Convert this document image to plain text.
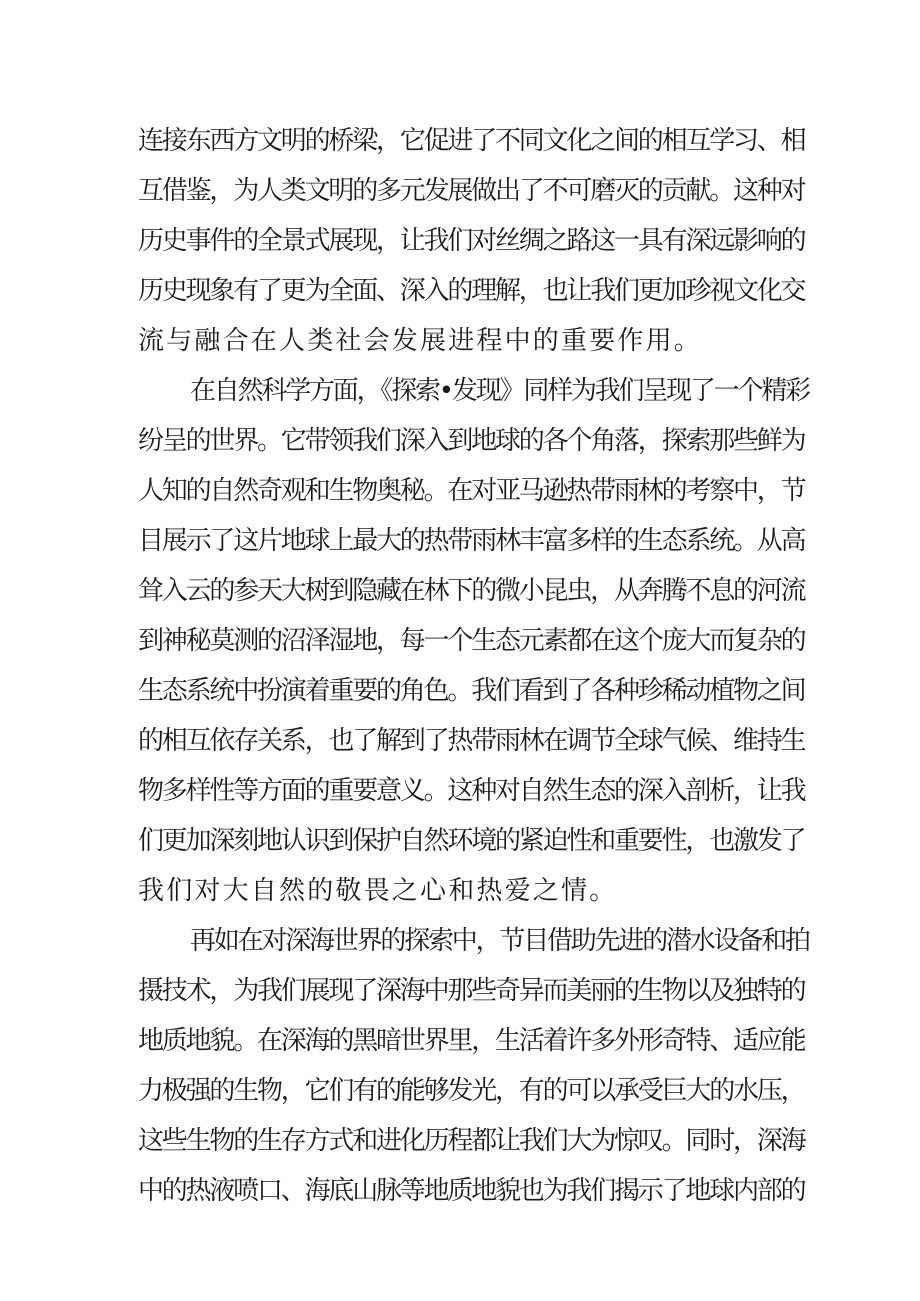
连接东西方文明的桥梁，它促进了不同文化之间的相互学习、相
互借鉴，为人类文明的多元发展做出了不可磨灭的贡献。这种对
历史事件的全景式展现，让我们对丝绸之路这一具有深远影响的
历史现象有了更为全面、深入的理解，也让我们更加珍视文化交
流与融合在人类社会发展进程中的重要作用。
在自然科学方面，《探索•发现》同样为我们呈现了一个精彩
纷呈的世界。它带领我们深入到地球的各个角落，探索那些鲜为
人知的自然奇观和生物奥秘。在对亚马逊热带雨林的考察中，节
目展示了这片地球上最大的热带雨林丰富多样的生态系统。从高
耸入云的参天大树到隐藏在林下的微小昆虫，从奔腾不息的河流
到神秘莫测的沼泽湿地，每一个生态元素都在这个庞大而复杂的
生态系统中扮演着重要的角色。我们看到了各种珍稀动植物之间
的相互依存关系，也了解到了热带雨林在调节全球气候、维持生
物多样性等方面的重要意义。这种对自然生态的深入剖析，让我
们更加深刻地认识到保护自然环境的紧迫性和重要性，也激发了
我们对大自然的敬畏之心和热爱之情。
再如在对深海世界的探索中，节目借助先进的潜水设备和拍
摄技术，为我们展现了深海中那些奇异而美丽的生物以及独特的
地质地貌。在深海的黑暗世界里，生活着许多外形奇特、适应能
力极强的生物，它们有的能够发光，有的可以承受巨大的水压，
这些生物的生存方式和进化历程都让我们大为惊叹。同时，深海
中的热液喷口、海底山脉等地质地貌也为我们揭示了地球内部的
